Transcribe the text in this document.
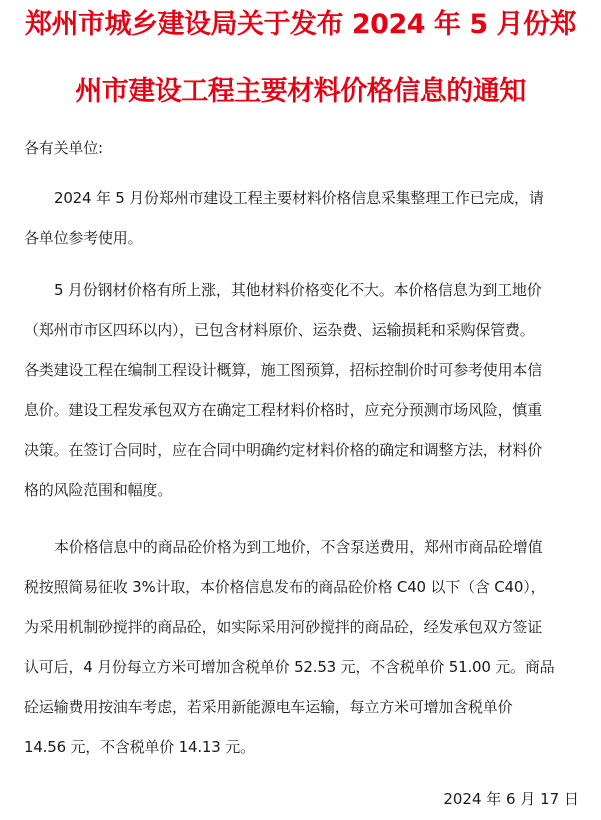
郑州市城乡建设局关于发布 2024 年 5 月份郑
州市建设工程主要材料价格信息的通知
各有关单位:
2024 年 5 月份郑州市建设工程主要材料价格信息采集整理工作已完成，请
各单位参考使用。
5 月份钢材价格有所上涨，其他材料价格变化不大。本价格信息为到工地价
（郑州市市区四环以内），已包含材料原价、运杂费、运输损耗和采购保管费。
各类建设工程在编制工程设计概算，施工图预算，招标控制价时可参考使用本信
息价。建设工程发承包双方在确定工程材料价格时，应充分预测市场风险，慎重
决策。在签订合同时，应在合同中明确约定材料价格的确定和调整方法，材料价
格的风险范围和幅度。
本价格信息中的商品砼价格为到工地价，不含泵送费用，郑州市商品砼增值
税按照简易征收 3%计取，本价格信息发布的商品砼价格 C40 以下（含 C40），
为采用机制砂搅拌的商品砼，如实际采用河砂搅拌的商品砼，经发承包双方签证
认可后，4 月份每立方米可增加含税单价 52.53 元，不含税单价 51.00 元。商品
砼运输费用按油车考虑，若采用新能源电车运输，每立方米可增加含税单价
14.56 元，不含税单价 14.13 元。
2024 年 6 月 17 日
